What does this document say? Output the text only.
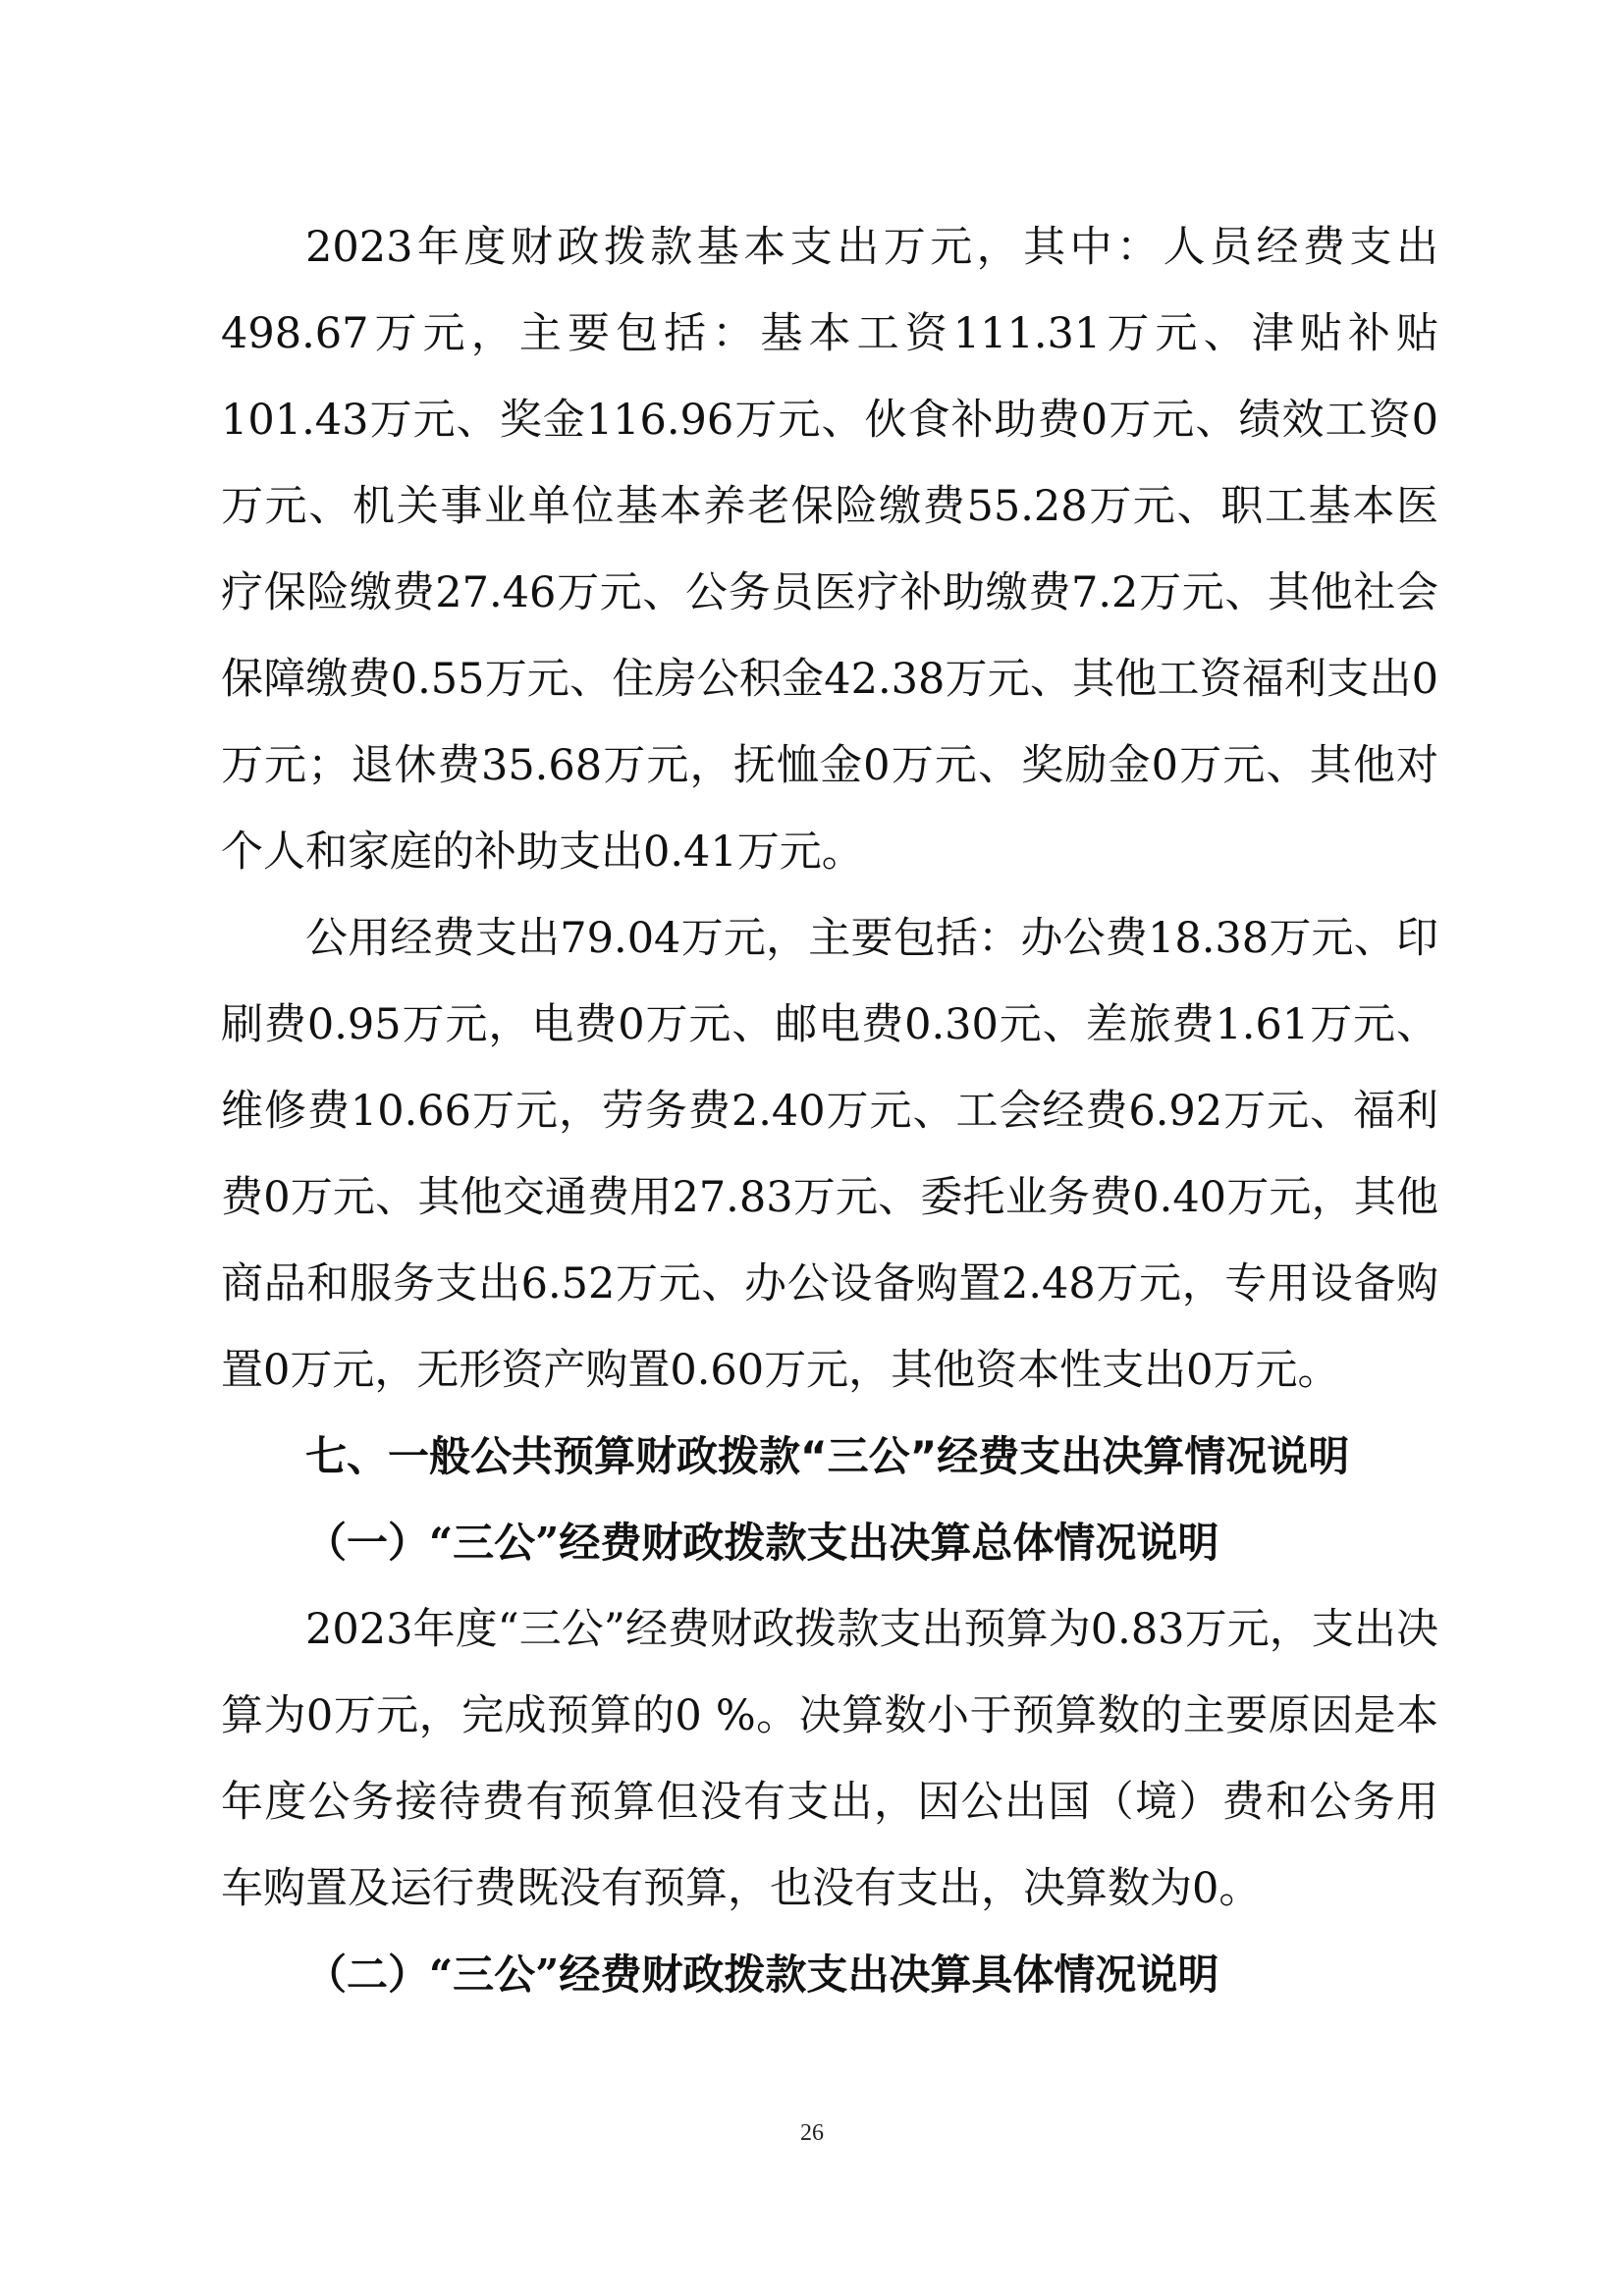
2023年度财政拨款基本支出万元，其中：人员经费支出498.67万元，主要包括：基本工资111.31万元、津贴补贴101.43万元、奖金116.96万元、伙食补助费0万元、绩效工资0万元、机关事业单位基本养老保险缴费55.28万元、职工基本医疗保险缴费27.46万元、公务员医疗补助缴费7.2万元、其他社会保障缴费0.55万元、住房公积金42.38万元、其他工资福利支出0万元；退休费35.68万元，抚恤金0万元、奖励金0万元、其他对个人和家庭的补助支出0.41万元。

公用经费支出79.04万元，主要包括：办公费18.38万元、印刷费0.95万元，电费0万元、邮电费0.30元、差旅费1.61万元、维修费10.66万元，劳务费2.40万元、工会经费6.92万元、福利费0万元、其他交通费用27.83万元、委托业务费0.40万元，其他商品和服务支出6.52万元、办公设备购置2.48万元，专用设备购置0万元，无形资产购置0.60万元，其他资本性支出0万元。

七、一般公共预算财政拨款“三公”经费支出决算情况说明
（一）“三公”经费财政拨款支出决算总体情况说明

2023年度“三公”经费财政拨款支出预算为0.83万元，支出决算为0万元，完成预算的0 %。决算数小于预算数的主要原因是本年度公务接待费有预算但没有支出，因公出国（境）费和公务用车购置及运行费既没有预算，也没有支出，决算数为0。

（二）“三公”经费财政拨款支出决算具体情况说明
26
